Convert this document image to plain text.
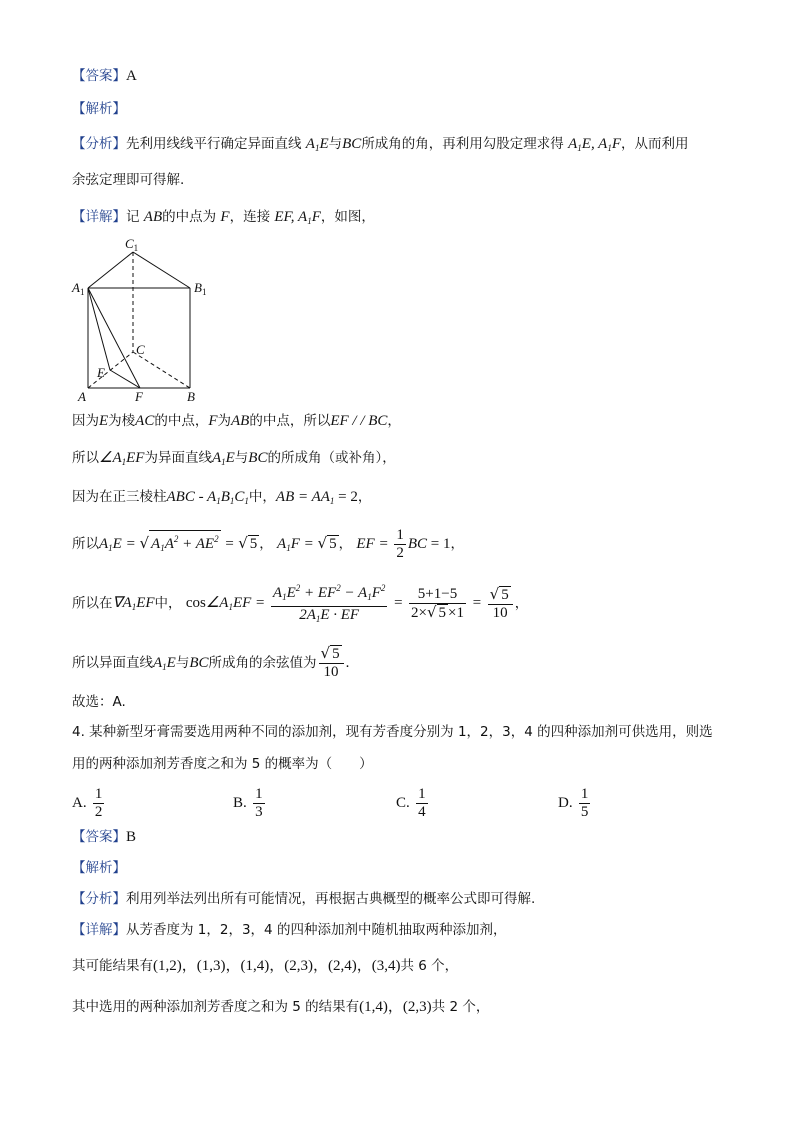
【答案】A
【解析】
【分析】先利用线线平行确定异面直线 $A_1E$与BC所成角的角，再利用勾股定理求得 $A_1E$, $A_1F$，从而利用
余弦定理即可得解.
【详解】记 AB的中点为 F，连接 EF, $A_1F$，如图，
$C_1$
$A_1$	$B_1$
C
A	B
E
F
因为E为棱AC的中点，F为AB的中点，所以EF / / BC，
所以$\angle A_1EF$为异面直线$A_1E$与BC的所成角（或补角），
因为在正三棱柱ABC - $A_1B_1C_1$中，AB = $AA_1 = 2$，
所以$A_1E$ = √ $A_1A^2 + AE^2$ = √ 5 ， $A_1F$ = √ 5 ， EF = $\frac{1}{2}$ BC = 1，
所以在$\nabla A_1EF$中， $\cos\angle A_1EF = \frac{A_1E^2 + EF^2 - A_1F^2}{2A_1E \cdot EF} = \frac{5+1-5}{2\times√ 5 \times 1} = \frac{√ 5}{10}$ ，
所以异面直线$A_1E$与BC所成角的余弦值为 $\frac{√ 5}{10}$ .
故选：A.
4. 某种新型牙膏需要选用两种不同的添加剂，现有芳香度分别为 1，2，3，4 的四种添加剂可供选用，则选
用的两种添加剂芳香度之和为 5 的概率为（　　）
A. $\frac{1}{2}$	B. $\frac{1}{3}$	C. $\frac{1}{4}$	D. $\frac{1}{5}$
【答案】B
【解析】
【分析】利用列举法列出所有可能情况，再根据古典概型的概率公式即可得解.
【详解】从芳香度为 1，2，3，4 的四种添加剂中随机抽取两种添加剂，
其可能结果有(1,2)，(1,3)，(1,4)，(2,3)，(2,4)，(3,4)共 6 个，
其中选用的两种添加剂芳香度之和为 5 的结果有(1,4)，(2,3)共 2 个，
